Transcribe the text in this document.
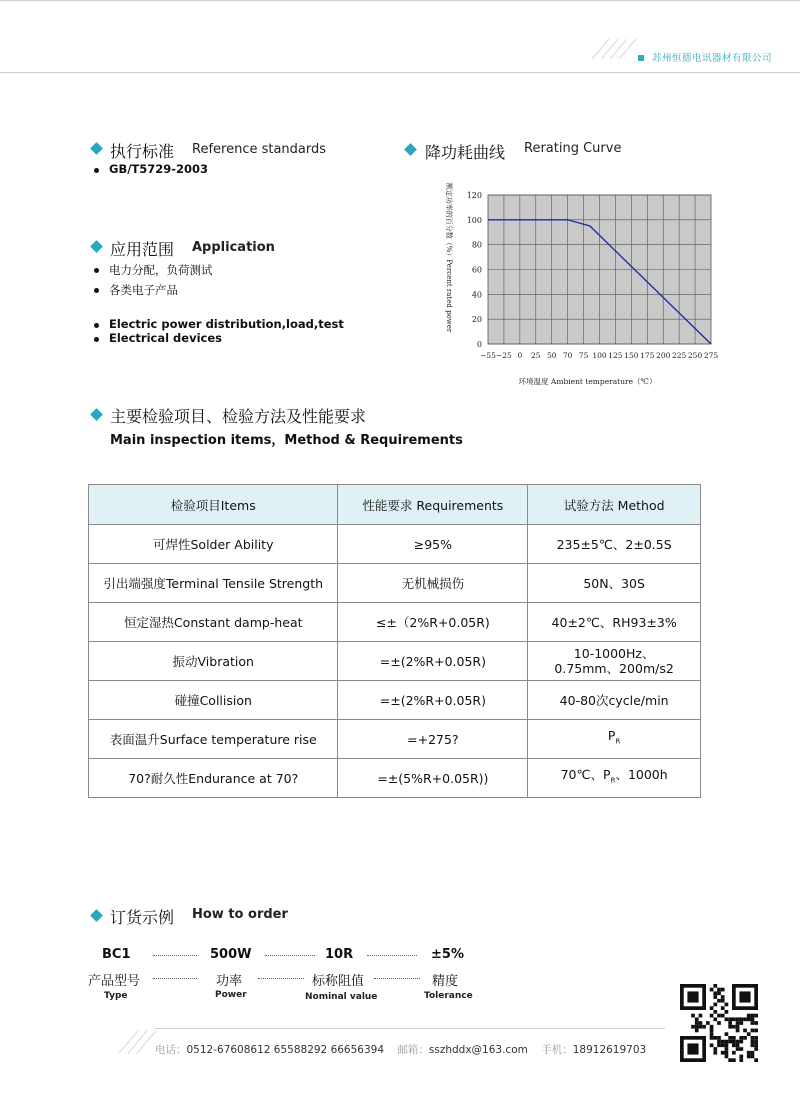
苏州恒德电讯器材有限公司
执行标准 Reference standards
GB/T5729-2003
应用范围 Application
电力分配，负荷测试
各类电子产品
Electric power distribution,load,test
Electrical devices
降功耗曲线 Rerating Curve
0
20
40
60
80
100
120
−55 −25 0 25 50 70 75 100 125 150 175 200 225 250 275
环境温度 Ambient temperature（℃）
额定功率的百分数（%）Percent rated power
主要检验项目、检验方法及性能要求
Main inspection items，Method & Requirements
检验项目Items	性能要求 Requirements	试验方法 Method
可焊性Solder Ability	≥95%	235±5℃、2±0.5S
引出端强度Terminal Tensile Strength	无机械损伤	50N、30S
恒定湿热Constant damp-heat	≤±（2%R+0.05R)	40±2℃、RH93±3%
振动Vibration	=±(2%R+0.05R)	10-1000Hz、
0.75mm、200m/s2
碰撞Collision	=±(2%R+0.05R)	40-80次cycle/min
表面温升Surface temperature rise	=+275?	$P_R$
70?耐久性Endurance at 70?	=±(5%R+0.05R))	70℃、$P_R$、1000h
订货示例 How to order
BC1	500W	10R	±5%
产品型号	功率	标称阻值	精度
Type	Power	Nominal value	Tolerance
电话：0512-67608612 65588292 66656394 邮箱：sszhddx@163.com 手机：18912619703
